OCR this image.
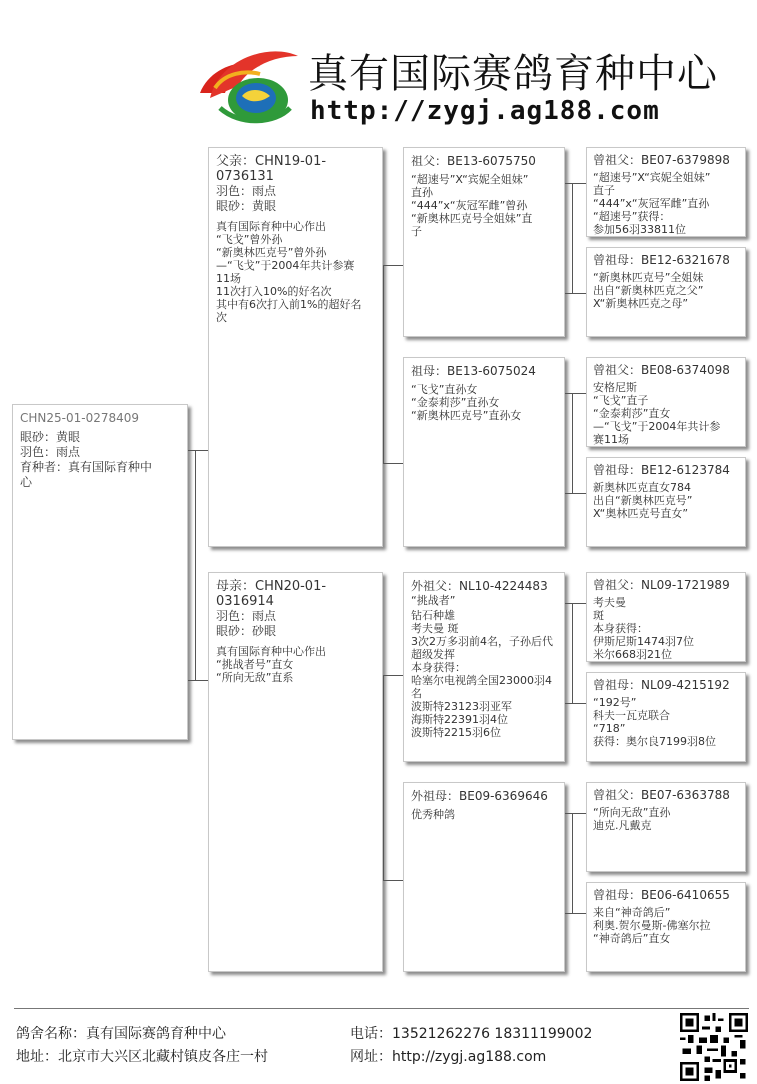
真有国际赛鸽育种中心
http://zygj.ag188.com
CHN25-01-0278409
眼砂：黄眼
羽色：雨点
育种者：真有国际育种中
心
父亲：CHN19-01-0736131
羽色：雨点
眼砂：黄眼
真有国际育种中心作出
“飞戈”曾外孙
“新奥林匹克号”曾外孙
—“飞戈”于2004年共计参赛
11场
11次打入10%的好名次
其中有6次打入前1%的超好名
次
母亲：CHN20-01-0316914
羽色：雨点
眼砂：砂眼
真有国际育种中心作出
“挑战者号”直女
“所向无敌”直系
祖父：BE13-6075750
“超速号”X“宾妮全姐妹”
直孙
“444”x“灰冠军雌”曾孙
“新奥林匹克号全姐妹”直
子
祖母：BE13-6075024
“飞戈”直孙女
“金泰莉莎”直孙女
“新奥林匹克号”直孙女
外祖父：NL10-4224483
“挑战者”
钻石种雄
考夫曼 斑
3次2万多羽前4名，子孙后代
超级发挥
本身获得：
哈塞尔电视鸽全国23000羽4
名
波斯特23123羽亚军
海斯特22391羽4位
波斯特2215羽6位
外祖母：BE09-6369646
优秀种鸽
曾祖父：BE07-6379898
“超速号”X“宾妮全姐妹”
直子
“444”x“灰冠军雌”直孙
“超速号”获得：
参加56羽33811位
曾祖母：BE12-6321678
“新奥林匹克号”全姐妹
出自“新奥林匹克之父”
X“新奥林匹克之母”
曾祖父：BE08-6374098
安格尼斯
“飞戈”直子
“金泰莉莎”直女
—“飞戈”于2004年共计参
赛11场
曾祖母：BE12-6123784
新奥林匹克直女784
出自“新奥林匹克号”
X“奥林匹克号直女”
曾祖父：NL09-1721989
考夫曼
斑
本身获得：
伊斯尼斯1474羽7位
米尔668羽21位
曾祖母：NL09-4215192
“192号”
科夫一瓦克联合
“718”
获得：奥尔良7199羽8位
曾祖父：BE07-6363788
“所向无敌”直孙
迪克.凡戴克
曾祖母：BE06-6410655
来自“神奇鸽后”
利奥.贺尔曼斯-佛塞尔拉
“神奇鸽后”直女
鸽舍名称：真有国际赛鸽育种中心
地址：北京市大兴区北藏村镇皮各庄一村
电话：13521262276 18311199002
网址：http://zygj.ag188.com
